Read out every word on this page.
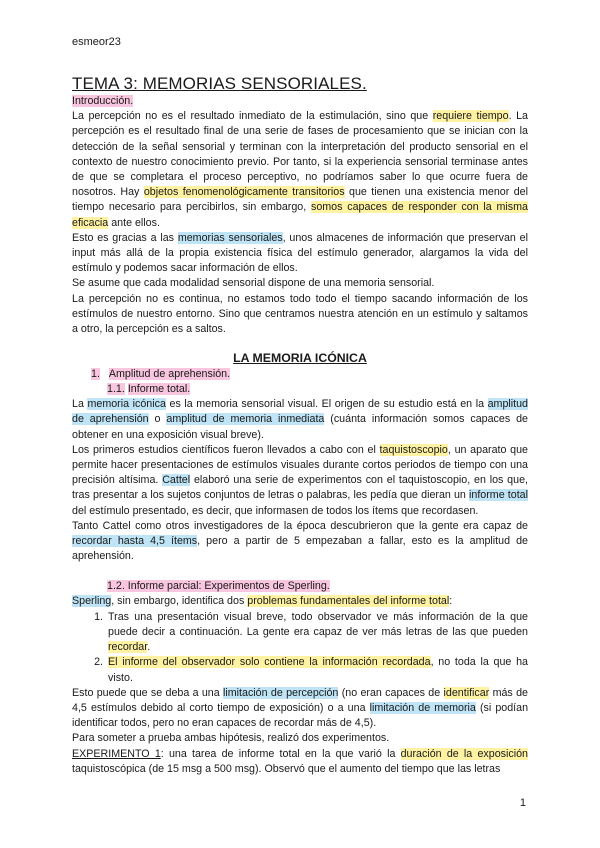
esmeor23
TEMA 3: MEMORIAS SENSORIALES.

Introducción.

La percepción no es el resultado inmediato de la estimulación, sino que requiere tiempo. La percepción es el resultado final de una serie de fases de procesamiento que se inician con la detección de la señal sensorial y terminan con la interpretación del producto sensorial en el contexto de nuestro conocimiento previo. Por tanto, si la experiencia sensorial terminase antes de que se completara el proceso perceptivo, no podríamos saber lo que ocurre fuera de nosotros. Hay objetos fenomenológicamente transitorios que tienen una existencia menor del tiempo necesario para percibirlos, sin embargo, somos capaces de responder con la misma eficacia ante ellos.

Esto es gracias a las memorias sensoriales, unos almacenes de información que preservan el input más allá de la propia existencia física del estímulo generador, alargamos la vida del estímulo y podemos sacar información de ellos.

Se asume que cada modalidad sensorial dispone de una memoria sensorial.

La percepción no es continua, no estamos todo todo el tiempo sacando información de los estímulos de nuestro entorno. Sino que centramos nuestra atención en un estímulo y saltamos a otro, la percepción es a saltos.

LA MEMORIA ICÓNICA
1. Amplitud de aprehensión.
1.1. Informe total.

La memoria icónica es la memoria sensorial visual. El origen de su estudio está en la amplitud de aprehensión o amplitud de memoria inmediata (cuánta información somos capaces de obtener en una exposición visual breve).

Los primeros estudios científicos fueron llevados a cabo con el taquistoscopio, un aparato que permite hacer presentaciones de estímulos visuales durante cortos periodos de tiempo con una precisión altísima. Cattel elaboró una serie de experimentos con el taquistoscopio, en los que, tras presentar a los sujetos conjuntos de letras o palabras, les pedía que dieran un informe total del estímulo presentado, es decir, que informasen de todos los ítems que recordasen.

Tanto Cattel como otros investigadores de la época descubrieron que la gente era capaz de recordar hasta 4,5 ítems, pero a partir de 5 empezaban a fallar, esto es la amplitud de aprehensión.

1.2. Informe parcial: Experimentos de Sperling.

Sperling, sin embargo, identifica dos problemas fundamentales del informe total:

1. Tras una presentación visual breve, todo observador ve más información de la que puede decir a continuación. La gente era capaz de ver más letras de las que pueden recordar.
2. El informe del observador solo contiene la información recordada, no toda la que ha visto.

Esto puede que se deba a una limitación de percepción (no eran capaces de identificar más de 4,5 estímulos debido al corto tiempo de exposición) o a una limitación de memoria (si podían identificar todos, pero no eran capaces de recordar más de 4,5).

Para someter a prueba ambas hipótesis, realizó dos experimentos.

EXPERIMENTO 1: una tarea de informe total en la que varió la duración de la exposición taquistoscópica (de 15 msg a 500 msg). Observó que el aumento del tiempo que las letras

1
